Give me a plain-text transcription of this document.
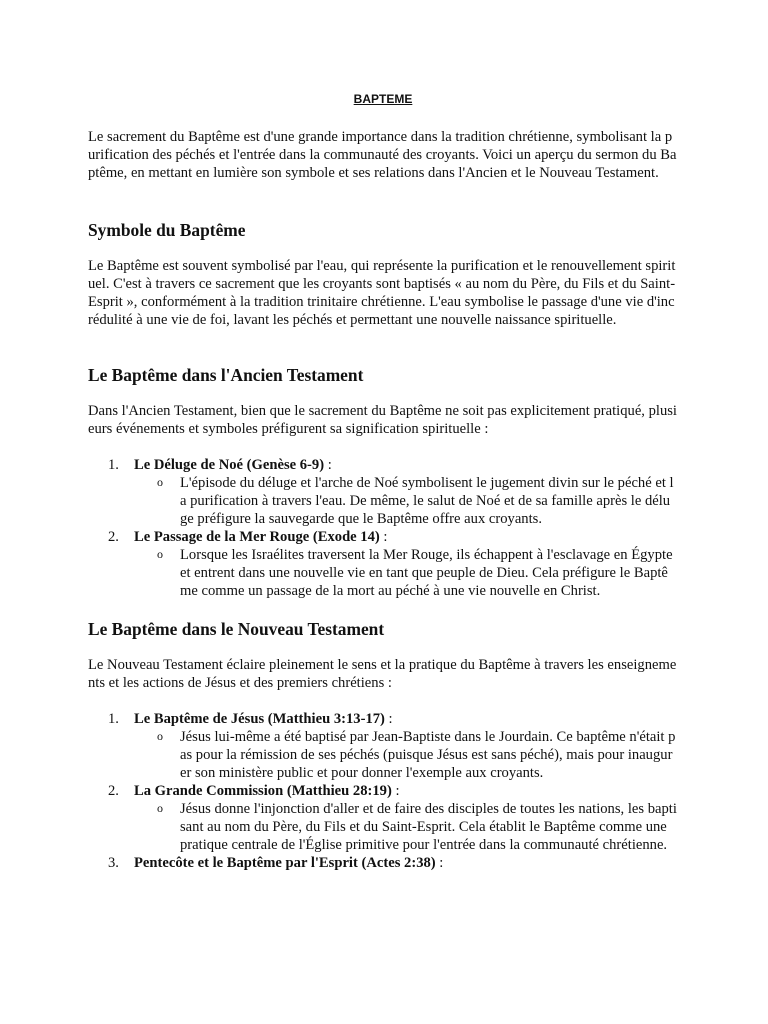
BAPTEME

Le sacrement du Baptême est d'une grande importance dans la tradition chrétienne, symbolisant la purification des péchés et l'entrée dans la communauté des croyants. Voici un aperçu du sermon du Baptême, en mettant en lumière son symbole et ses relations dans l'Ancien et le Nouveau Testament.

Symbole du Baptême

Le Baptême est souvent symbolisé par l'eau, qui représente la purification et le renouvellement spirituel. C'est à travers ce sacrement que les croyants sont baptisés « au nom du Père, du Fils et du Saint-Esprit », conformément à la tradition trinitaire chrétienne. L'eau symbolise le passage d'une vie d'incrédulité à une vie de foi, lavant les péchés et permettant une nouvelle naissance spirituelle.

Le Baptême dans l'Ancien Testament

Dans l'Ancien Testament, bien que le sacrement du Baptême ne soit pas explicitement pratiqué, plusieurs événements et symboles préfigurent sa signification spirituelle :

1.	Le Déluge de Noé (Genèse 6-9) :
o L'épisode du déluge et l'arche de Noé symbolisent le jugement divin sur le péché et la purification à travers l'eau. De même, le salut de Noé et de sa famille après le déluge préfigure la sauvegarde que le Baptême offre aux croyants.
2.	Le Passage de la Mer Rouge (Exode 14) :
o Lorsque les Israélites traversent la Mer Rouge, ils échappent à l'esclavage en Égypte et entrent dans une nouvelle vie en tant que peuple de Dieu. Cela préfigure le Baptême comme un passage de la mort au péché à une vie nouvelle en Christ.
Le Baptême dans le Nouveau Testament

Le Nouveau Testament éclaire pleinement le sens et la pratique du Baptême à travers les enseignements et les actions de Jésus et des premiers chrétiens :

1.	Le Baptême de Jésus (Matthieu 3:13-17) :
o Jésus lui-même a été baptisé par Jean-Baptiste dans le Jourdain. Ce baptême n'était pas pour la rémission de ses péchés (puisque Jésus est sans péché), mais pour inaugurer son ministère public et pour donner l'exemple aux croyants.
2.	La Grande Commission (Matthieu 28:19) :
o Jésus donne l'injonction d'aller et de faire des disciples de toutes les nations, les baptisant au nom du Père, du Fils et du Saint-Esprit. Cela établit le Baptême comme une pratique centrale de l'Église primitive pour l'entrée dans la communauté chrétienne.
3.	Pentecôte et le Baptême par l'Esprit (Actes 2:38) :
